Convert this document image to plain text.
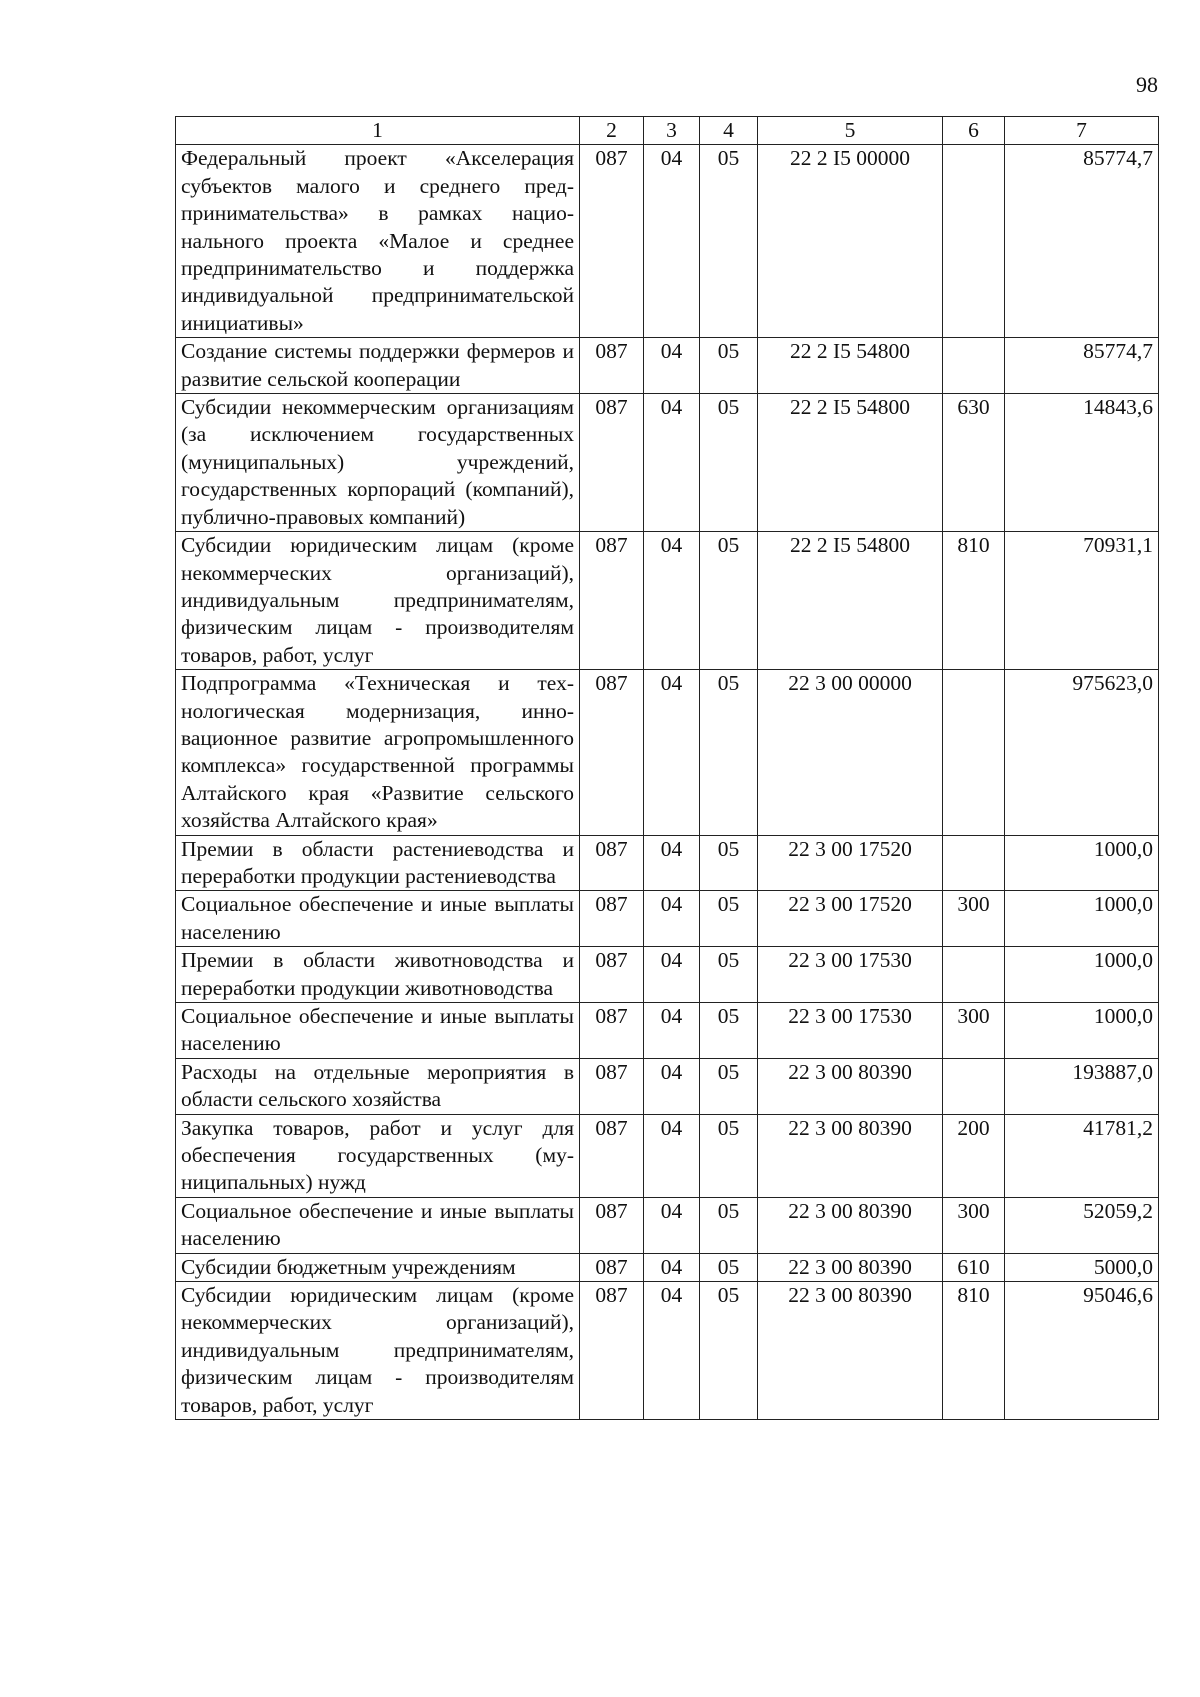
98
1	2	3	4	5	6	7
Федеральный проект «Акселерация субъектов малого и среднего предпринимательства» в рамках национального проекта «Малое и среднее предпринимательство и поддержка индивидуальной предпринимательской инициативы»	087	04	05	22 2 I5 00000		85774,7
Создание системы поддержки фермеров и развитие сельской кооперации	087	04	05	22 2 I5 54800		85774,7
Субсидии некоммерческим организациям (за исключением государственных (муниципальных) учреждений, государственных корпораций (компаний), публично-правовых компаний)	087	04	05	22 2 I5 54800	630	14843,6
Субсидии юридическим лицам (кроме некоммерческих организаций), индивидуальным предпринимателям, физическим лицам - производителям товаров, работ, услуг	087	04	05	22 2 I5 54800	810	70931,1
Подпрограмма «Техническая и технологическая модернизация, инновационное развитие агропромышленного комплекса» государственной программы Алтайского края «Развитие сельского хозяйства Алтайского края»	087	04	05	22 3 00 00000		975623,0
Премии в области растениеводства и переработки продукции растениеводства	087	04	05	22 3 00 17520		1000,0
Социальное обеспечение и иные выплаты населению	087	04	05	22 3 00 17520	300	1000,0
Премии в области животноводства и переработки продукции животноводства	087	04	05	22 3 00 17530		1000,0
Социальное обеспечение и иные выплаты населению	087	04	05	22 3 00 17530	300	1000,0
Расходы на отдельные мероприятия в области сельского хозяйства	087	04	05	22 3 00 80390		193887,0
Закупка товаров, работ и услуг для обеспечения государственных (муниципальных) нужд	087	04	05	22 3 00 80390	200	41781,2
Социальное обеспечение и иные выплаты населению	087	04	05	22 3 00 80390	300	52059,2
Субсидии бюджетным учреждениям	087	04	05	22 3 00 80390	610	5000,0
Субсидии юридическим лицам (кроме некоммерческих организаций), индивидуальным предпринимателям, физическим лицам - производителям товаров, работ, услуг	087	04	05	22 3 00 80390	810	95046,6
